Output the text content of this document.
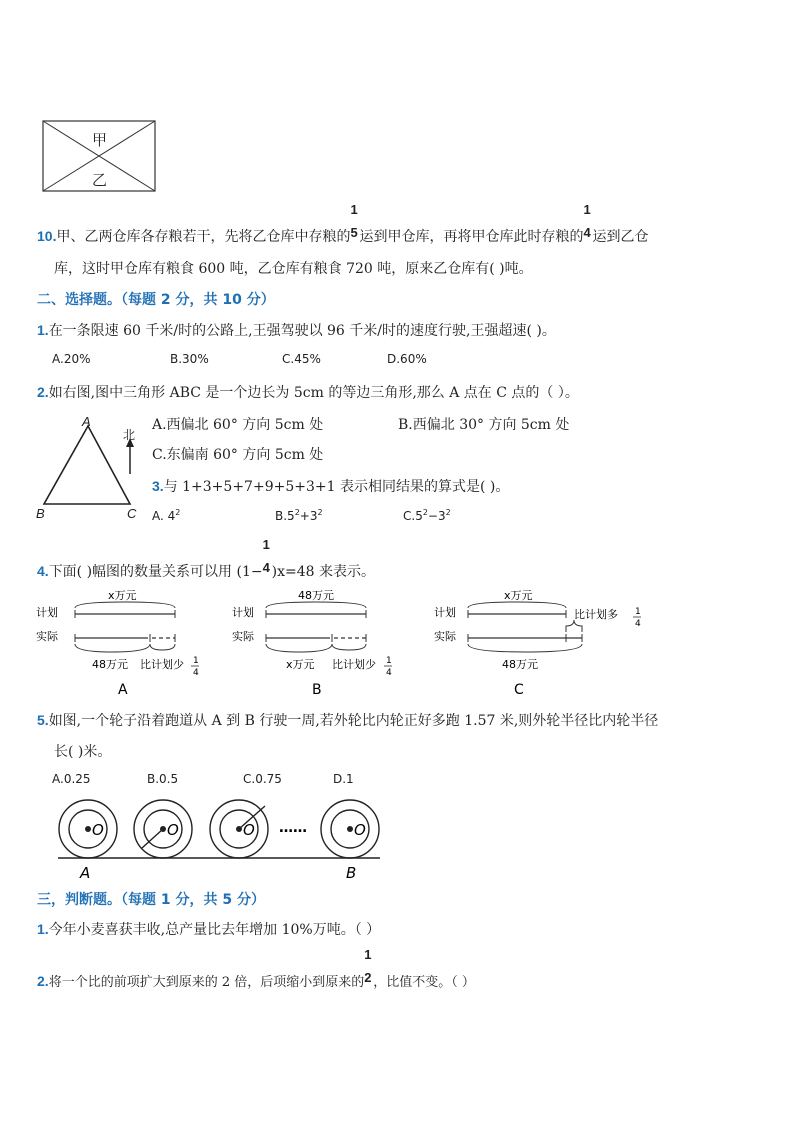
甲
乙
10.甲、乙两仓库各存粮若干，先将乙仓库中存粮的
1
5 运到甲仓库，再将甲仓库此时存粮的
1
4 运到乙仓
库，这时甲仓库有粮食 600 吨，乙仓库有粮食 720 吨，原来乙仓库有( )吨。
二、选择题。（每题 2 分，共 10 分）
1.在一条限速 60 千米/时的公路上,王强驾驶以 96 千米/时的速度行驶,王强超速( )。
A.20%	B.30%	C.45%	D.60%
2.如右图,图中三角形 ABC 是一个边长为 5cm 的等边三角形,那么 A 点在 C 点的（ ）。
A
B	C
北
A.西偏北 60° 方向 5cm 处	B.西偏北 30° 方向 5cm 处
C.东偏南 60° 方向 5cm 处
3.与 1+3+5+7+9+5+3+1 表示相同结果的算式是( )。
A. $4^2$	$B.5^2+3^2$	$C.5^2-3^2$
4.下面( )幅图的数量关系可以用 (1−
1
4 )x=48 来表示。
计划
实际
x万元
48万元 比计划少 1
4
A
计划
实际
48万元
x万元 比计划少 1
4
B
计划
实际
x万元
比计划多 1
4
48万元
C
5.如图,一个轮子沿着跑道从 A 到 B 行驶一周,若外轮比内轮正好多跑 1.57 米,则外轮半径比内轮半径
长( )米。
A.0.25	B.0.5	C.0.75	D.1
O	O	O	O
……
A	B
三，判断题。（每题 1 分，共 5 分）
1.今年小麦喜获丰收,总产量比去年增加 10%万吨。（ ）
2.将一个比的前项扩大到原来的 2 倍，后项缩小到原来的
1
2 ，比值不变。（ ）
